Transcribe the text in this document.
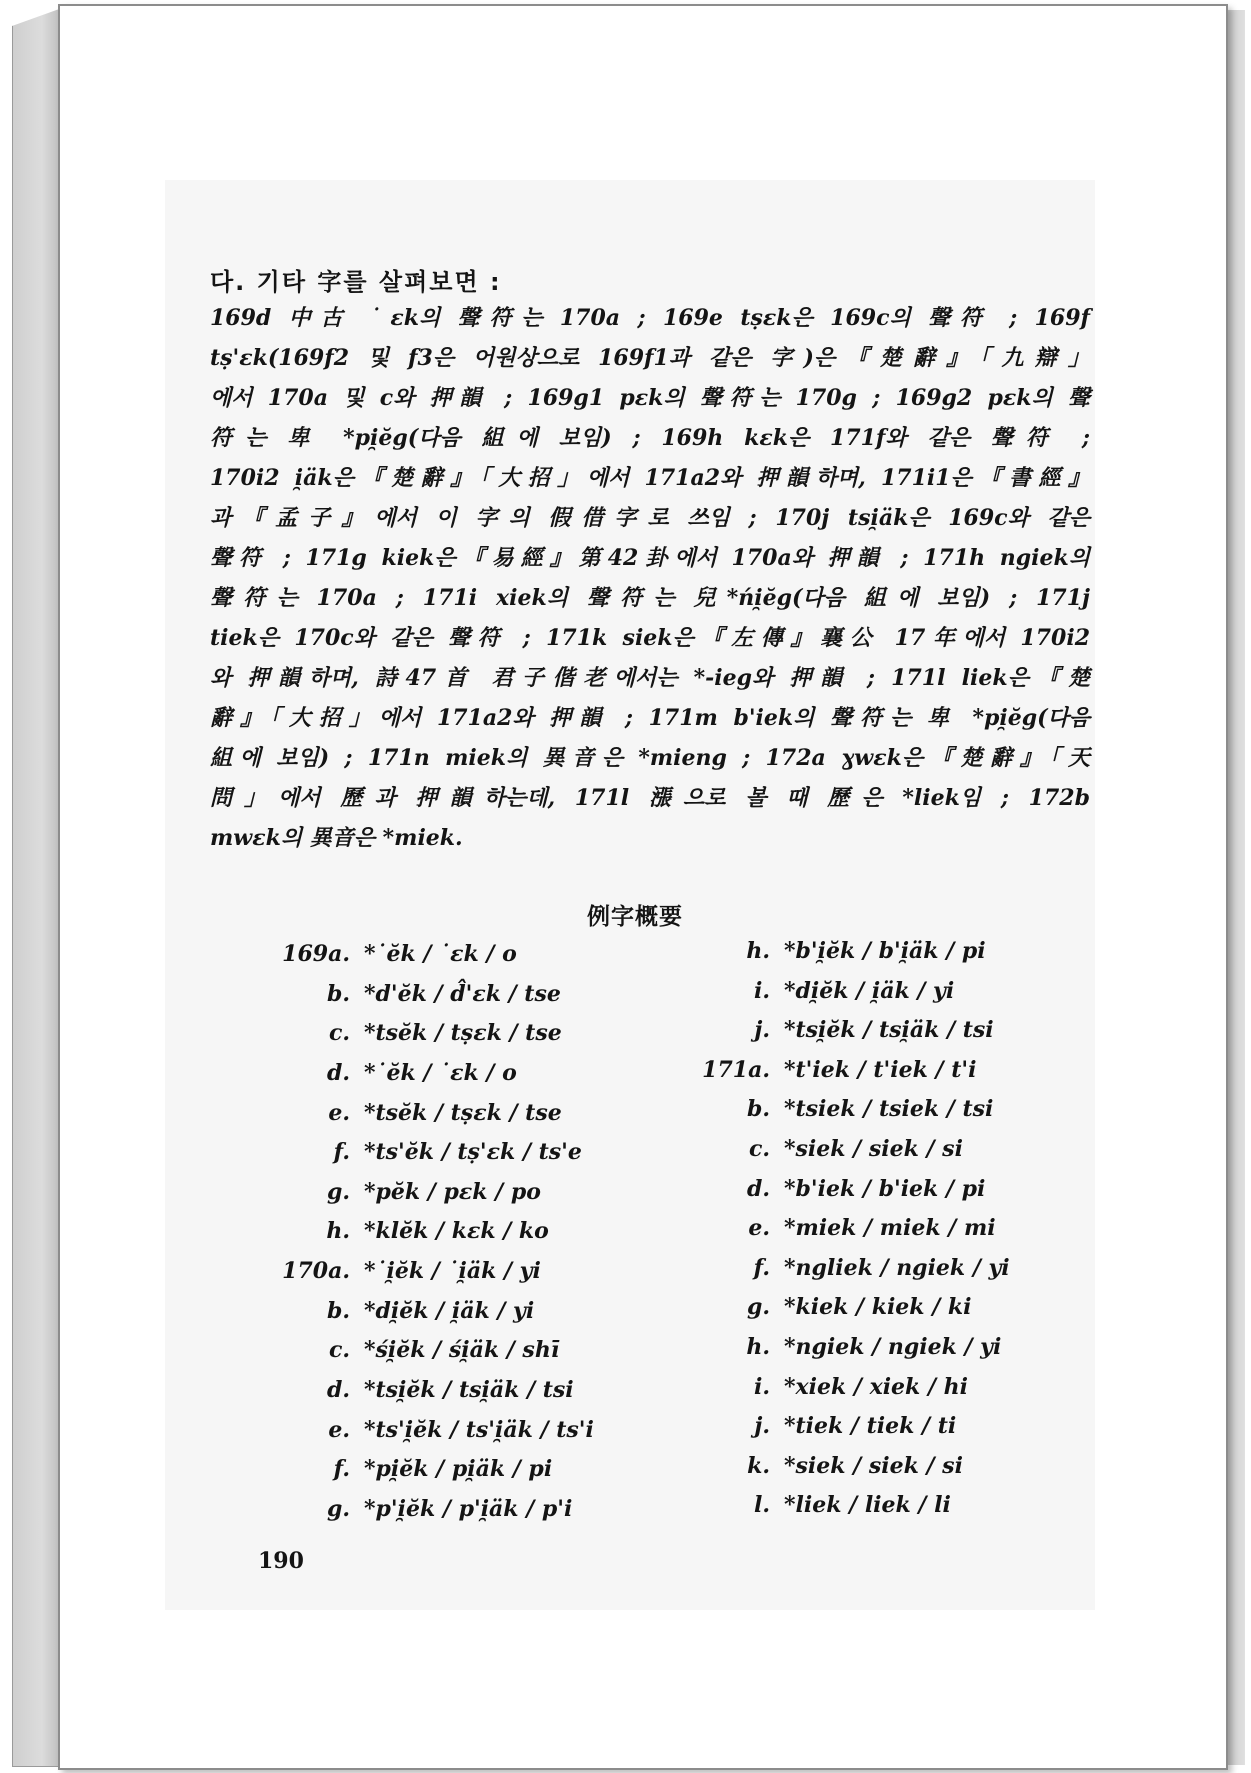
다. 기타 字를 살펴보면 :
169d 中古 ˙ɛk의 聲符는 170a ; 169e tṣɛk은 169c의 聲符 ; 169f
tṣ'ɛk(169f2 및 f3은 어원상으로 169f1과 같은 字)은『楚辭』「九辯」
에서 170a 및 c와 押韻 ; 169g1 pɛk의 聲符는 170g ; 169g2 pɛk의 聲
符는 卑 *pi̯ĕg(다음 組에 보임) ; 169h kɛk은 171f와 같은 聲符 ;
170i2 i̯äk은『楚辭』「大招」에서 171a2와 押韻하며, 171i1은『書經』
과『孟子』에서 이 字의 假借字로 쓰임 ; 170j tsi̯äk은 169c와 같은
聲符 ; 171g kiek은『易經』第42卦에서 170a와 押韻 ; 171h ngiek의
聲符는 170a ; 171i xiek의 聲符는 兒*ńi̯ĕg(다음 組에 보임) ; 171j
tiek은 170c와 같은 聲符 ; 171k siek은『左傳』襄公 17年에서 170i2
와 押韻하며, 詩47首 君子偕老에서는 *-ieg와 押韻 ; 171l liek은『楚
辭』「大招」에서 171a2와 押韻 ; 171m b'iek의 聲符는 卑 *pi̯ĕg(다음
組에 보임) ; 171n miek의 異音은 *mieng ; 172a ɣwɛk은『楚辭』「天
問」에서 歷과 押韻하는데, 171l 漲으로 볼 때 歷은 *liek임 ; 172b
mwɛk의 異音은 *miek.
例字概要
169a. *˙ĕk / ˙ɛk / o
b. *d'ĕk / d̂'ɛk / tse
c. *tsĕk / tṣɛk / tse
d. *˙ĕk / ˙ɛk / o
e. *tsĕk / tṣɛk / tse
f. *ts'ĕk / tṣ'ɛk / ts'e
g. *pĕk / pɛk / po
h. *klĕk / kɛk / ko
170a. *˙i̯ĕk / ˙i̯äk / yi
b. *di̯ĕk / i̯äk / yi
c. *śi̯ĕk / śi̯äk / shī
d. *tsi̯ĕk / tsi̯äk / tsi
e. *ts'i̯ĕk / ts'i̯äk / ts'i
f. *pi̯ĕk / pi̯äk / pi
g. *p'i̯ĕk / p'i̯äk / p'i
h. *b'i̯ĕk / b'i̯äk / pi
i. *di̯ĕk / i̯äk / yi
j. *tsi̯ĕk / tsi̯äk / tsi
171a. *t'iek / t'iek / t'i
b. *tsiek / tsiek / tsi
c. *siek / siek / si
d. *b'iek / b'iek / pi
e. *miek / miek / mi
f. *ngliek / ngiek / yi
g. *kiek / kiek / ki
h. *ngiek / ngiek / yi
i. *xiek / xiek / hi
j. *tiek / tiek / ti
k. *siek / siek / si
l. *liek / liek / li
190
